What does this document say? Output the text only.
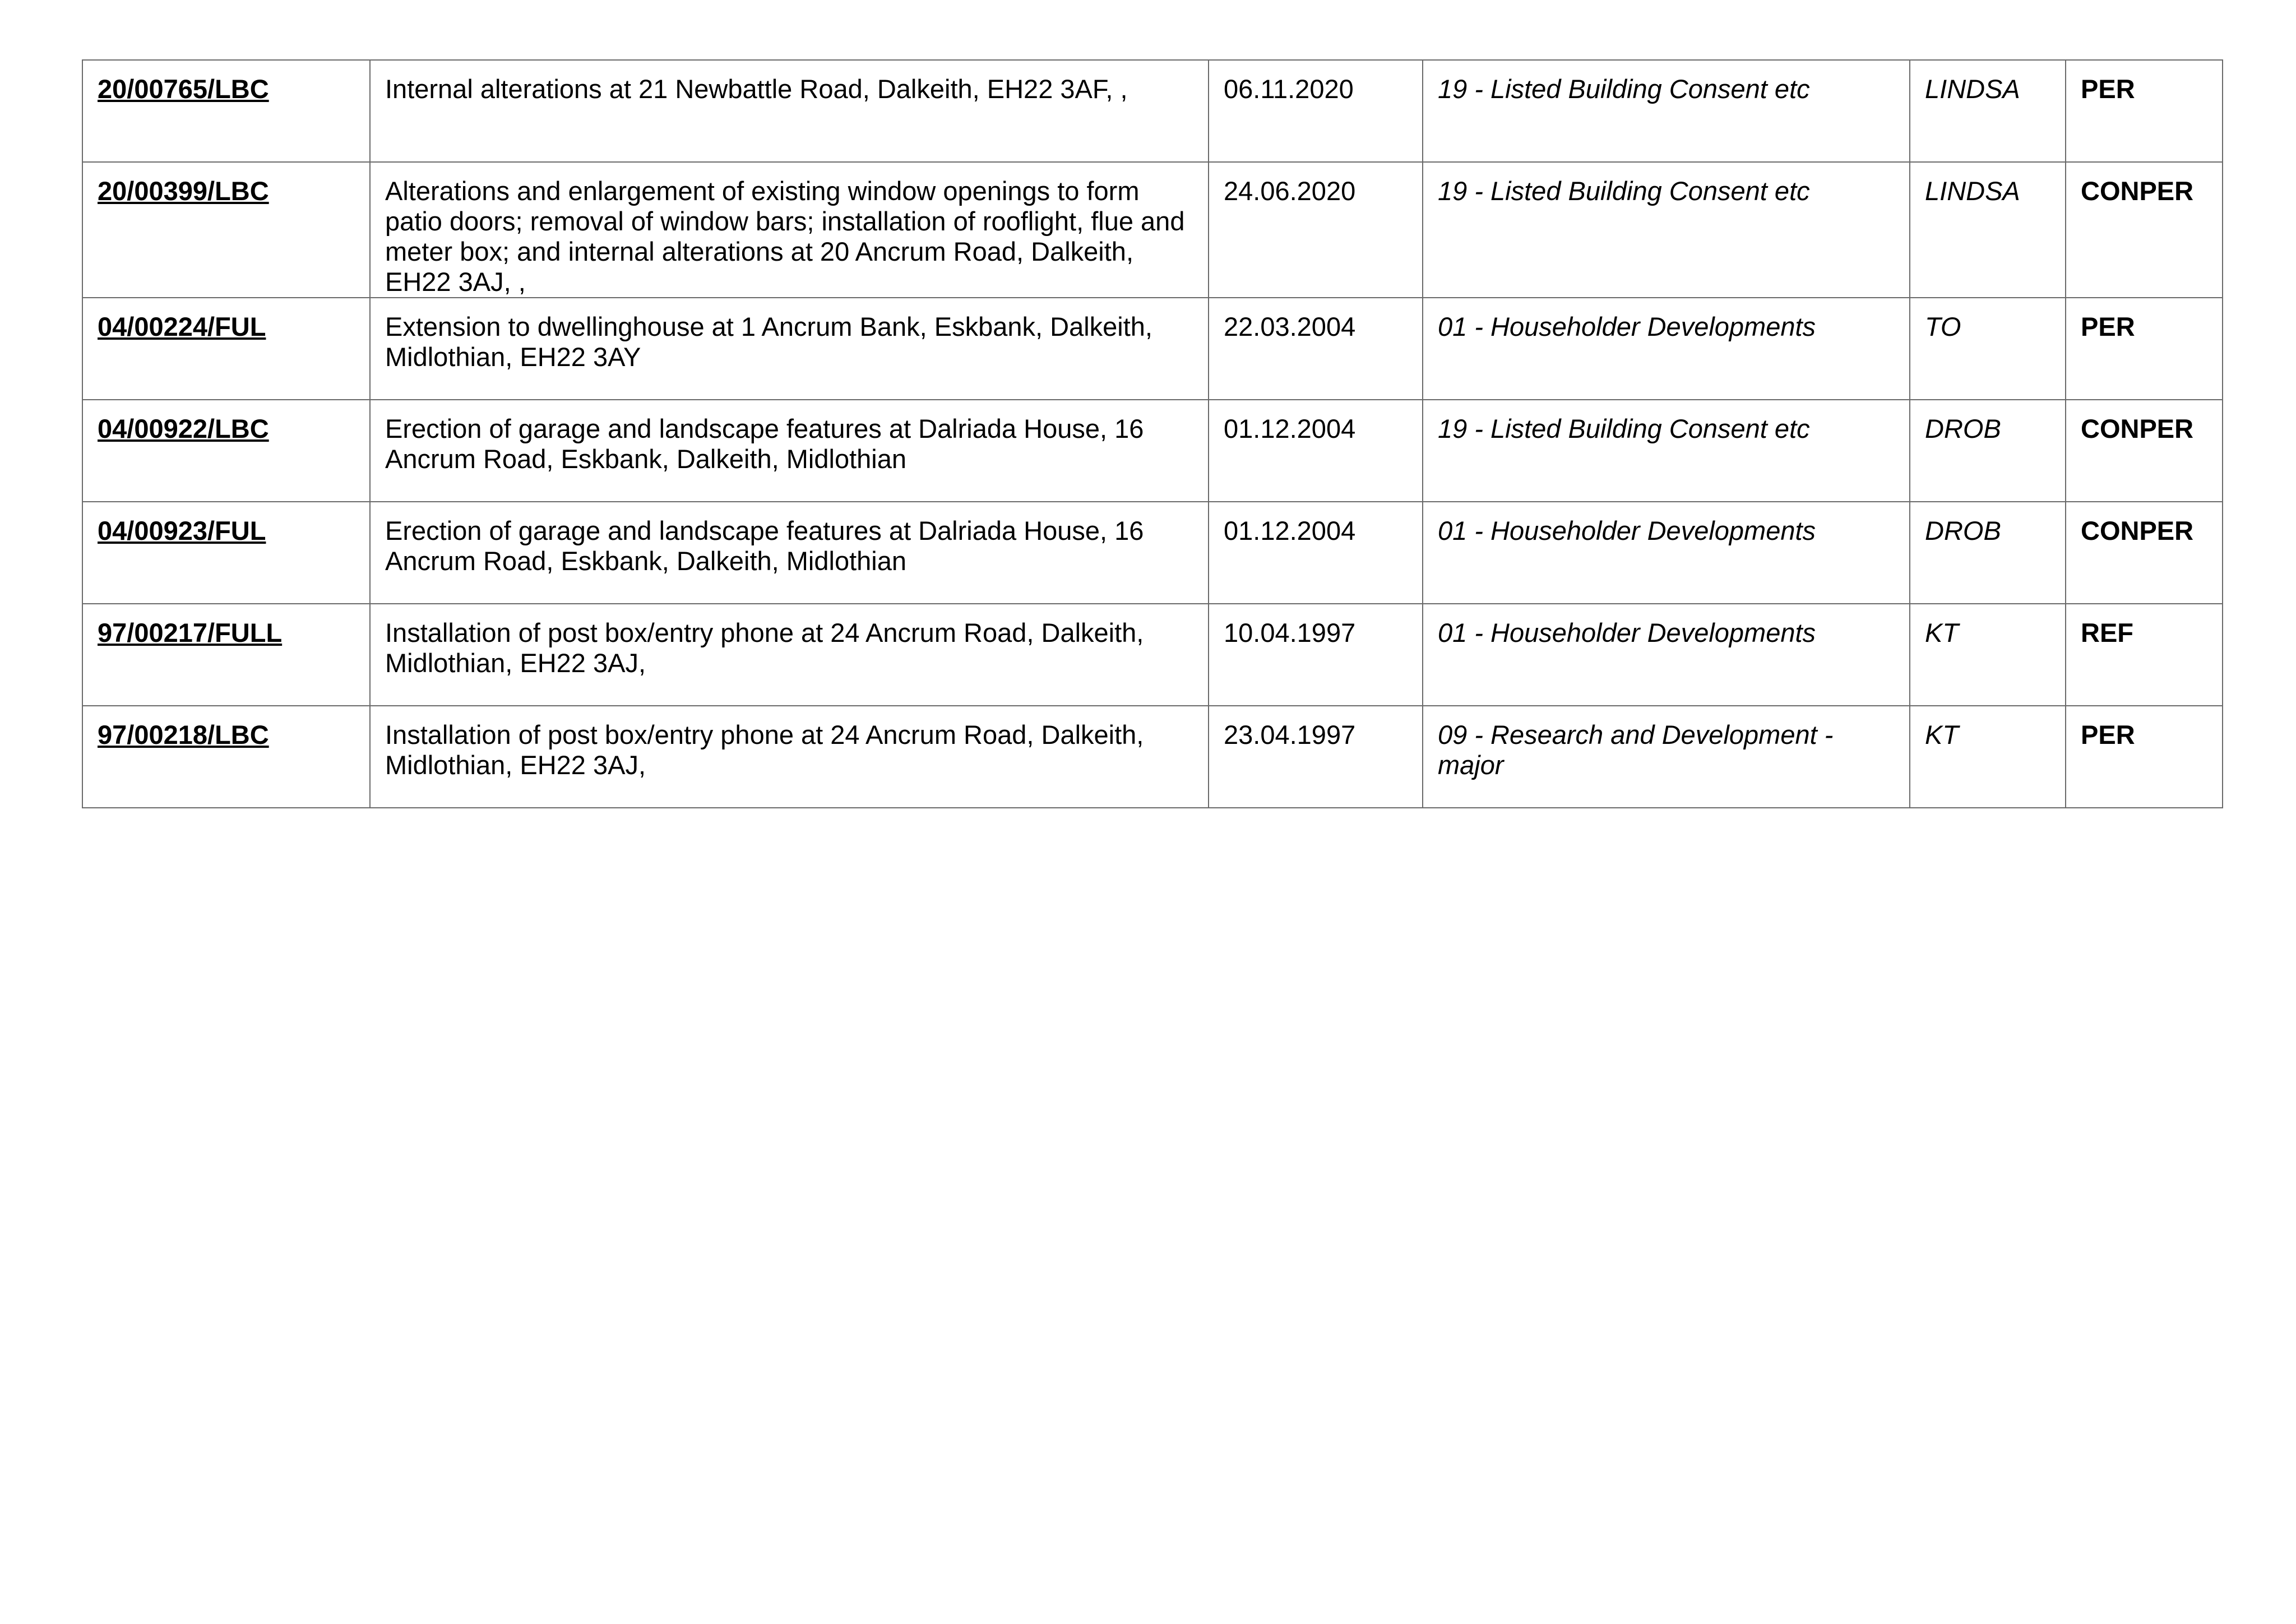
20/00765/LBC	Internal alterations at 21 Newbattle Road, Dalkeith, EH22 3AF, ,	06.11.2020	19 - Listed Building Consent etc	LINDSA	PER
20/00399/LBC	Alterations and enlargement of existing window openings to form patio doors; removal of window bars; installation of rooflight, flue and meter box; and internal alterations at 20 Ancrum Road, Dalkeith, EH22 3AJ, ,	24.06.2020	19 - Listed Building Consent etc	LINDSA	CONPER
04/00224/FUL	Extension to dwellinghouse at 1 Ancrum Bank, Eskbank, Dalkeith, Midlothian, EH22 3AY	22.03.2004	01 - Householder Developments	TO	PER
04/00922/LBC	Erection of garage and landscape features at Dalriada House, 16 Ancrum Road, Eskbank, Dalkeith, Midlothian	01.12.2004	19 - Listed Building Consent etc	DROB	CONPER
04/00923/FUL	Erection of garage and landscape features at Dalriada House, 16 Ancrum Road, Eskbank, Dalkeith, Midlothian	01.12.2004	01 - Householder Developments	DROB	CONPER
97/00217/FULL	Installation of post box/entry phone at 24 Ancrum Road, Dalkeith, Midlothian, EH22 3AJ,	10.04.1997	01 - Householder Developments	KT	REF
97/00218/LBC	Installation of post box/entry phone at 24 Ancrum Road, Dalkeith, Midlothian, EH22 3AJ,	23.04.1997	09 - Research and Development - major	KT	PER
